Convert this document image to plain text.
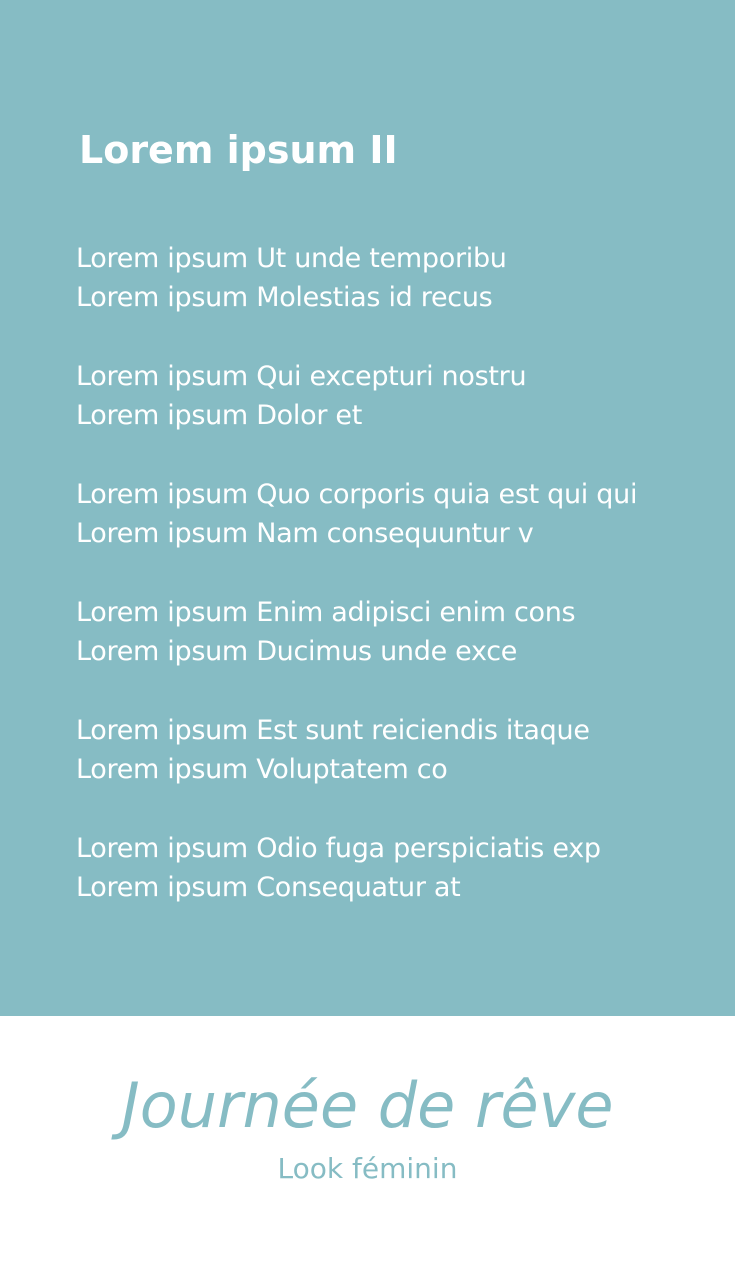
Lorem ipsum II
Lorem ipsum Ut unde temporibu
Lorem ipsum Molestias id recus
Lorem ipsum Qui excepturi nostru
Lorem ipsum Dolor et
Lorem ipsum Quo corporis quia est qui qui
Lorem ipsum Nam consequuntur v
Lorem ipsum Enim adipisci enim cons
Lorem ipsum Ducimus unde exce
Lorem ipsum Est sunt reiciendis itaque
Lorem ipsum Voluptatem co
Lorem ipsum Odio fuga perspiciatis exp
Lorem ipsum Consequatur at
Journée de rêve
Look féminin
